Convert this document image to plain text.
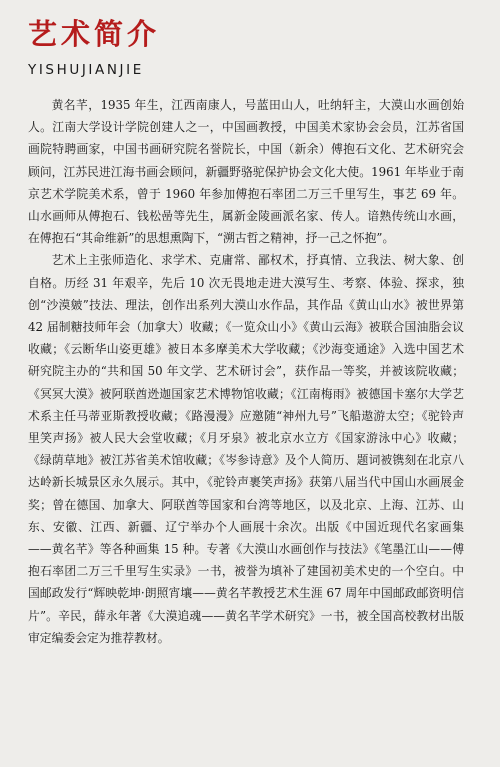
艺术简介
YISHUJIANJIE

黄名芊，1935 年生，江西南康人，号蓝田山人，吐纳轩主，大漠山水画创始人。江南大学设计学院创建人之一，中国画教授，中国美术家协会会员，江苏省国画院特聘画家，中国书画研究院名誉院长，中国（新余）傅抱石文化、艺术研究会顾问，江苏民进江海书画会顾问，新疆野骆驼保护协会文化大使。1961 年毕业于南京艺术学院美术系，曾于 1960 年参加傅抱石率团二万三千里写生，事艺 69 年。山水画师从傅抱石、钱松喦等先生，属新金陵画派名家、传人。谙熟传统山水画，在傅抱石“其命维新”的思想熏陶下，“溯古哲之精神，抒一己之怀抱”。

艺术上主张师造化、求学术、克庸常、鄙权术，抒真情、立我法、树大象、创自格。历经 31 年艰辛，先后 10 次无畏地走进大漠写生、考察、体验、探求，独创“沙漠皴”技法、理法，创作出系列大漠山水作品，其作品《黄山山水》被世界第 42 届制糖技师年会（加拿大）收藏；《一览众山小》《黄山云海》被联合国油脂会议收藏；《云断华山姿更雄》被日本多摩美术大学收藏；《沙海变通途》入选中国艺术研究院主办的“共和国 50 年文学、艺术研讨会”，获作品一等奖，并被该院收藏；《冥冥大漠》被阿联酋迯迦国家艺术博物馆收藏；《江南梅雨》被德国卡塞尔大学艺术系主任马蒂亚斯教授收藏；《路漫漫》应邀随“神州九号”飞船遨游太空；《驼铃声里笑声扬》被人民大会堂收藏；《月牙泉》被北京水立方《国家游泳中心》收藏；《绿荫草地》被江苏省美术馆收藏；《岑参诗意》及个人简历、题词被镌刻在北京八达岭新长城景区永久展示。其中，《驼铃声裹笑声扬》获第八届当代中国山水画展金奖；曾在德国、加拿大、阿联酋等国家和台湾等地区，以及北京、上海、江苏、山东、安徽、江西、新疆、辽宁举办个人画展十余次。出版《中国近现代名家画集——黄名芊》等各种画集 15 种。专著《大漠山水画创作与技法》《笔墨江山——傅抱石率团二万三千里写生实录》一书，被誉为填补了建国初美术史的一个空白。中国邮政发行“辉映乾坤·朗照宵壤——黄名芊教授艺术生涯 67 周年中国邮政邮资明信片”。辛民，薛永年著《大漠追魂——黄名芊学术研究》一书，被全国高校教材出版审定编委会定为推荐教材。
